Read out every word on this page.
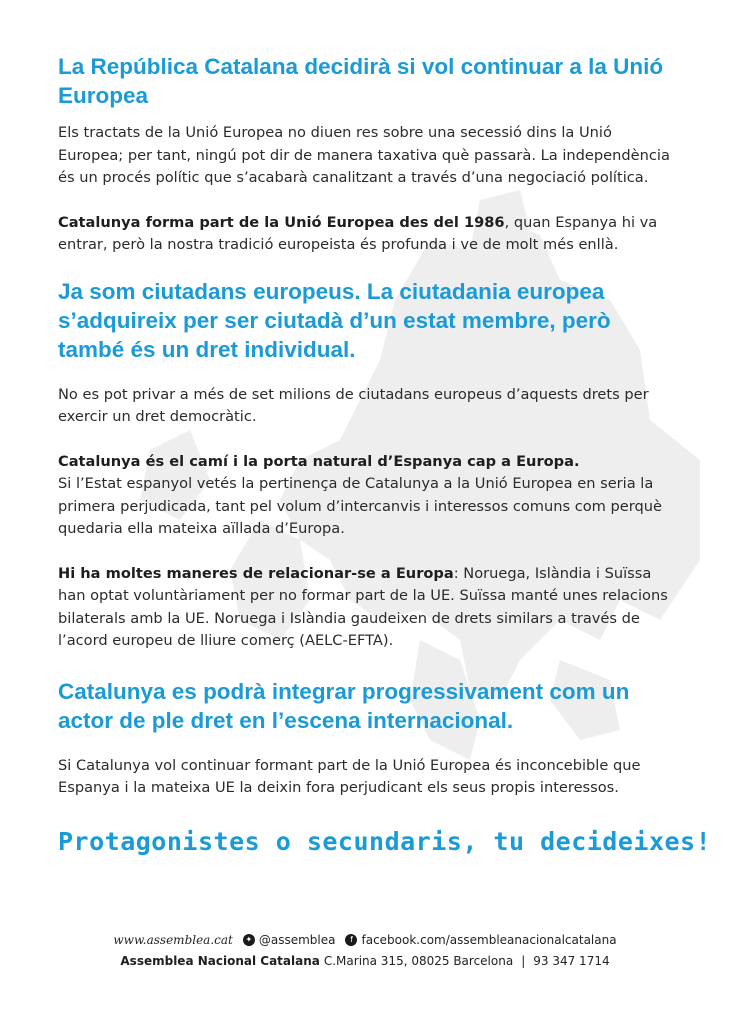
La República Catalana decidirà si vol continuar a la Unió Europea

Els tractats de la Unió Europea no diuen res sobre una secessió dins la Unió Europea; per tant, ningú pot dir de manera taxativa què passarà. La independència és un procés polític que s’acabarà canalitzant a través d’una negociació política.

Catalunya forma part de la Unió Europea des del 1986, quan Espanya hi va entrar, però la nostra tradició europeista és profunda i ve de molt més enllà.

Ja som ciutadans europeus. La ciutadania europea s’adquireix per ser ciutadà d’un estat membre, però també és un dret individual.

No es pot privar a més de set milions de ciutadans europeus d’aquests drets per exercir un dret democràtic.

Catalunya és el camí i la porta natural d’Espanya cap a Europa.
Si l’Estat espanyol vetés la pertinença de Catalunya a la Unió Europea en seria la primera perjudicada, tant pel volum d’intercanvis i interessos comuns com perquè quedaria ella mateixa aïllada d’Europa.

Hi ha moltes maneres de relacionar-se a Europa: Noruega, Islàndia i Suïssa han optat voluntàriament per no formar part de la UE. Suïssa manté unes relacions bilaterals amb la UE. Noruega i Islàndia gaudeixen de drets similars a través de l’acord europeu de lliure comerç (AELC-EFTA).

Catalunya es podrà integrar progressivament com un actor de ple dret en l’escena internacional.

Si Catalunya vol continuar formant part de la Unió Europea és inconcebible que Espanya i la mateixa UE la deixin fora perjudicant els seus propis interessos.

Protagonistes o secundaris, tu decideixes!
www.assemblea.cat	✦ @assemblea	f facebook.com/assembleanacionalcatalana
Assemblea Nacional Catalana C.Marina 315, 08025 Barcelona | 93 347 1714
